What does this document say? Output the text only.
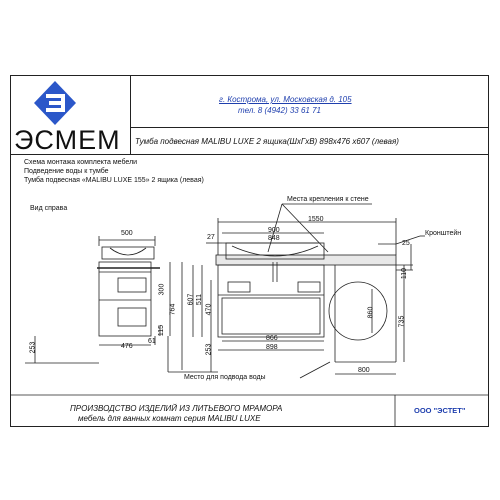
ЭСМЕМ
г. Кострома, ул. Московская д. 105
тел. 8 (4942) 33 61 71
Тумба подвесная MALIBU LUXE 2 ящика(ШхГхВ) 898х476 х607 (левая)
Схема монтажа комплекта мебели
Подведение воды к тумбе
Тумба подвесная «MALIBU LUXE 155» 2 ящика (левая)
Вид справа
500
476
61
253
300
115
764
27
900
848
1550
25
110
607 511
470
253
866
898
860
735
800
Места крепления к стене
Кронштейн
Место для подвода воды
ПРОИЗВОДСТВО ИЗДЕЛИЙ ИЗ ЛИТЬЕВОГО МРАМОРА
мебель для ванных комнат серия MALIBU LUXE
ООО "ЭСТЕТ"
